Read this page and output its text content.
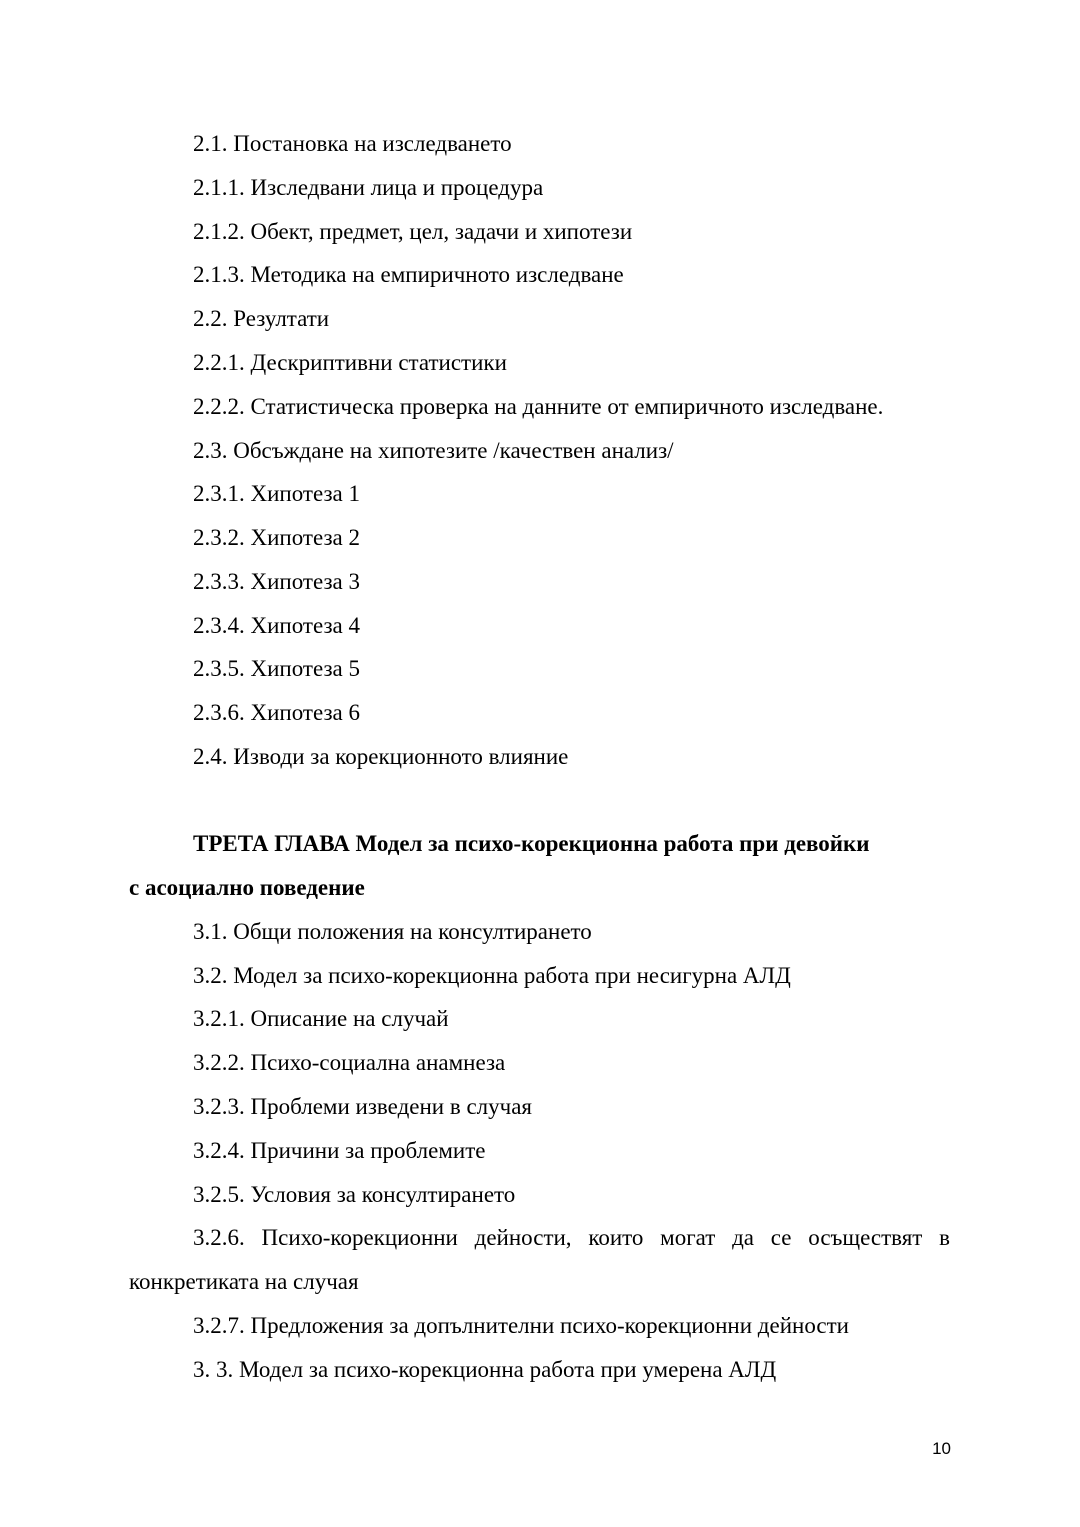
2.1. Постановка на изследването
2.1.1. Изследвани лица и процедура
2.1.2. Обект, предмет, цел, задачи и хипотези
2.1.3. Методика на емпиричното изследване
2.2. Резултати
2.2.1. Дескриптивни статистики
2.2.2. Статистическа проверка на данните от емпиричното изследване.
2.3. Обсъждане на хипотезите /качествен анализ/
2.3.1. Хипотеза 1
2.3.2. Хипотеза 2
2.3.3. Хипотеза 3
2.3.4. Хипотеза 4
2.3.5. Хипотеза 5
2.3.6. Хипотеза 6
2.4. Изводи за корекционното влияние
ТРЕТА ГЛАВА Модел за психо-корекционна работа при девойки
с асоциално поведение
3.1. Общи положения на консултирането
3.2. Модел за психо-корекционна работа при несигурна АЛД
3.2.1. Описание на случай
3.2.2. Психо-социална анамнеза
3.2.3. Проблеми изведени в случая
3.2.4. Причини за проблемите
3.2.5. Условия за консултирането
3.2.6. Психо-корекционни дейности, които могат да се осъществят в
конкретиката на случая
3.2.7. Предложения за допълнителни психо-корекционни дейности
3. 3. Модел за психо-корекционна работа при умерена АЛД
10
